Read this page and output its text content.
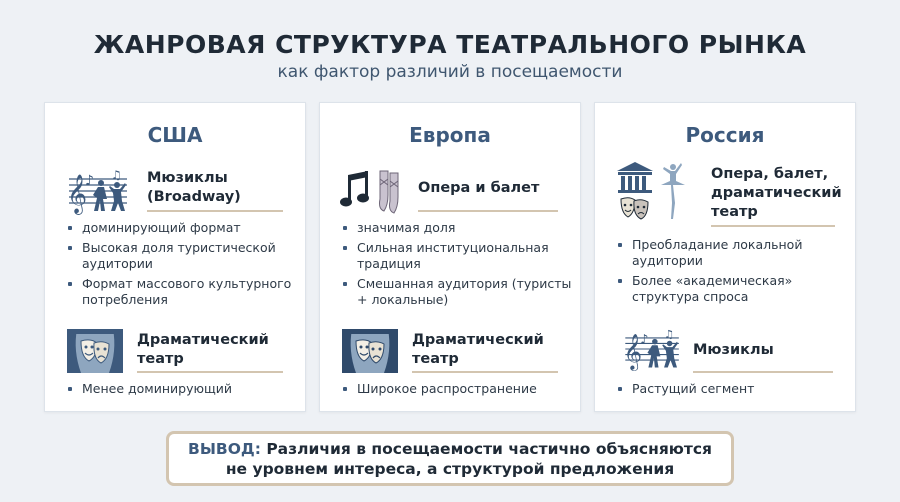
ЖАНРОВАЯ СТРУКТУРА ТЕАТРАЛЬНОГО РЫНКА
как фактор различий в посещаемости
США
𝄞
♪ ♫ Мюзиклы (Broadway)
доминирующий формат
Высокая доля туристической аудитории
Формат массового культурного потребления
Драматический театр
Менее доминирующий
Европа
Опера и балет
значимая доля
Сильная институциональная традиция
Смешанная аудитория (туристы + локальные)
Драматический театр
Широкое распространение
Россия
Опера, балет, драматический театр
Преобладание локальной аудитории
Более «академическая» структура спроса
𝄞
♪ ♫
Мюзиклы
Растущий сегмент
ВЫВОД: Различия в посещаемости частично объясняются
не уровнем интереса, а структурой предложения
